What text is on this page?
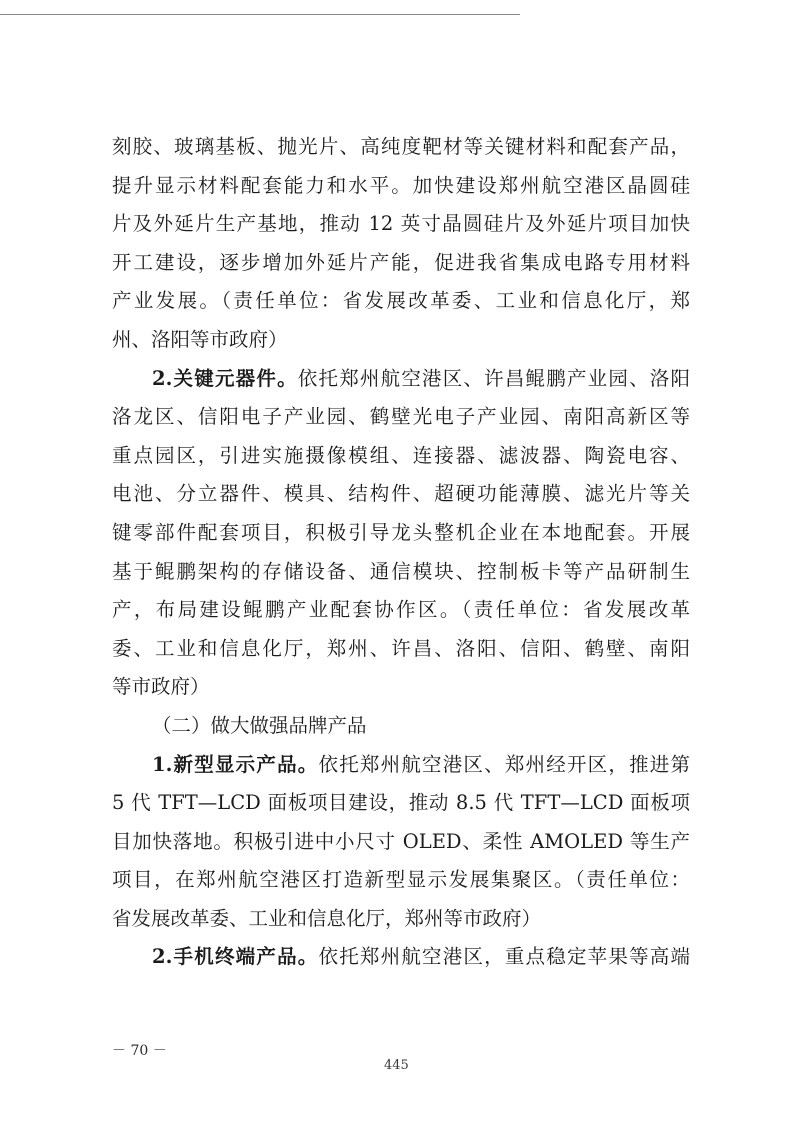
刻胶、玻璃基板、抛光片、高纯度靶材等关键材料和配套产品，
提升显示材料配套能力和水平。加快建设郑州航空港区晶圆硅
片及外延片生产基地，推动 12 英寸晶圆硅片及外延片项目加快
开工建设，逐步增加外延片产能，促进我省集成电路专用材料
产业发展。（责任单位：省发展改革委、工业和信息化厅，郑
州、洛阳等市政府）
2.关键元器件。依托郑州航空港区、许昌鲲鹏产业园、洛阳
洛龙区、信阳电子产业园、鹤壁光电子产业园、南阳高新区等
重点园区，引进实施摄像模组、连接器、滤波器、陶瓷电容、
电池、分立器件、模具、结构件、超硬功能薄膜、滤光片等关
键零部件配套项目，积极引导龙头整机企业在本地配套。开展
基于鲲鹏架构的存储设备、通信模块、控制板卡等产品研制生
产，布局建设鲲鹏产业配套协作区。（责任单位：省发展改革
委、工业和信息化厅，郑州、许昌、洛阳、信阳、鹤壁、南阳
等市政府）
（二）做大做强品牌产品
1.新型显示产品。依托郑州航空港区、郑州经开区，推进第
5 代 TFT—LCD 面板项目建设，推动 8.5 代 TFT—LCD 面板项
目加快落地。积极引进中小尺寸 OLED、柔性 AMOLED 等生产
项目，在郑州航空港区打造新型显示发展集聚区。（责任单位：
省发展改革委、工业和信息化厅，郑州等市政府）
2.手机终端产品。依托郑州航空港区，重点稳定苹果等高端
－ 70 －
445
